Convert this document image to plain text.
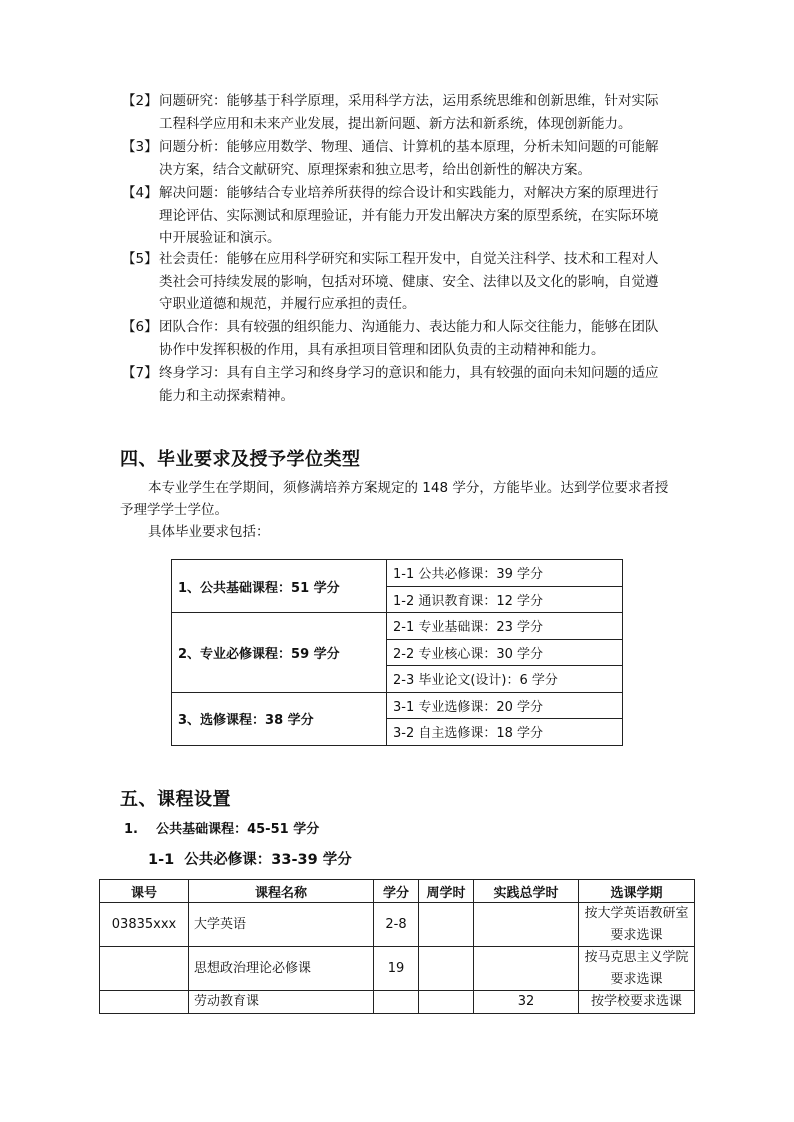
【2】 问题研究：能够基于科学原理，采用科学方法，运用系统思维和创新思维，针对实际
工程科学应用和未来产业发展，提出新问题、新方法和新系统，体现创新能力。
【3】 问题分析：能够应用数学、物理、通信、计算机的基本原理，分析未知问题的可能解
决方案，结合文献研究、原理探索和独立思考，给出创新性的解决方案。
【4】 解决问题：能够结合专业培养所获得的综合设计和实践能力，对解决方案的原理进行
理论评估、实际测试和原理验证，并有能力开发出解决方案的原型系统，在实际环境
中开展验证和演示。
【5】 社会责任：能够在应用科学研究和实际工程开发中，自觉关注科学、技术和工程对人
类社会可持续发展的影响，包括对环境、健康、安全、法律以及文化的影响，自觉遵
守职业道德和规范，并履行应承担的责任。
【6】 团队合作：具有较强的组织能力、沟通能力、表达能力和人际交往能力，能够在团队
协作中发挥积极的作用，具有承担项目管理和团队负责的主动精神和能力。
【7】 终身学习：具有自主学习和终身学习的意识和能力，具有较强的面向未知问题的适应
能力和主动探索精神。
四、毕业要求及授予学位类型
本专业学生在学期间，须修满培养方案规定的 148 学分，方能毕业。达到学位要求者授
予理学学士学位。
具体毕业要求包括：
1、公共基础课程：51 学分	1-1 公共必修课：39 学分
	1-2 通识教育课：12 学分
2、专业必修课程：59 学分	2-1 专业基础课：23 学分
	2-2 专业核心课：30 学分
	2-3 毕业论文(设计)：6 学分
3、选修课程：38 学分	3-1 专业选修课：20 学分
	3-2 自主选修课：18 学分
五、课程设置
1.    公共基础课程：45-51 学分
1-1  公共必修课：33-39 学分
课号	课程名称	学分	周学时	实践总学时	选课学期
03835xxx	大学英语	2-8			按大学英语教研室要求选课
	思想政治理论必修课	19			按马克思主义学院要求选课
	劳动教育课			32	按学校要求选课
